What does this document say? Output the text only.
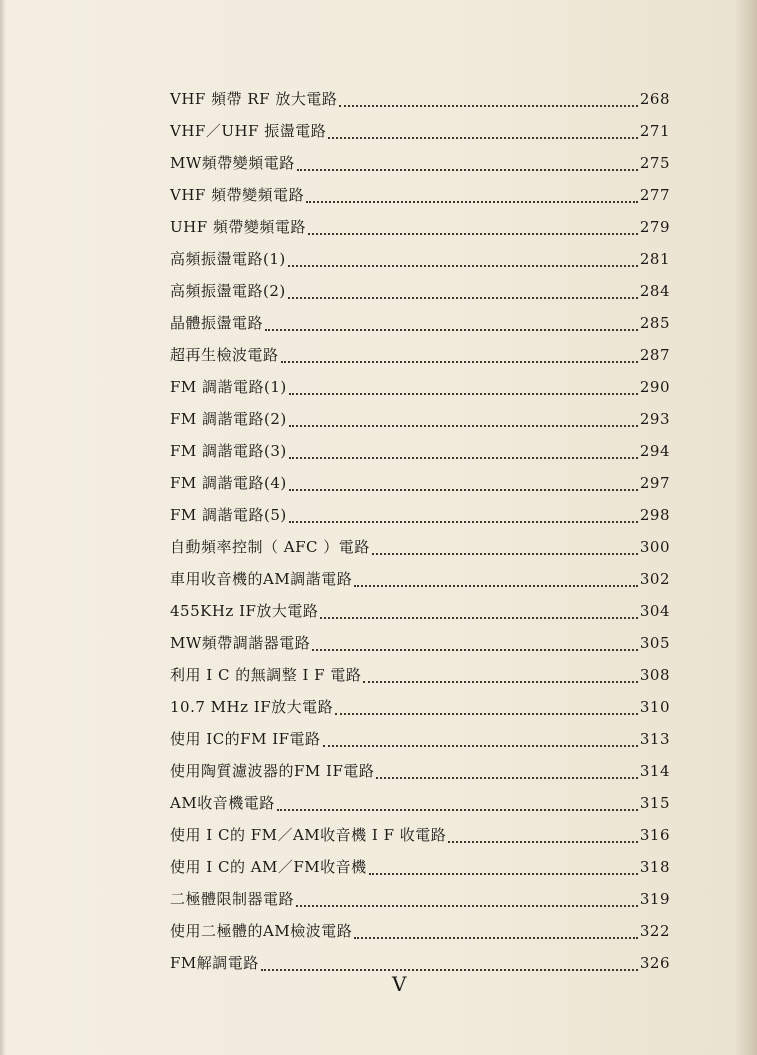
VHF 頻帶 RF 放大電路	268
VHF／UHF 振盪電路	271
MW頻帶變頻電路	275
VHF 頻帶變頻電路	277
UHF 頻帶變頻電路	279
高頻振盪電路(1)	281
高頻振盪電路(2)	284
晶體振盪電路	285
超再生檢波電路	287
FM 調諧電路(1)	290
FM 調諧電路(2)	293
FM 調諧電路(3)	294
FM 調諧電路(4)	297
FM 調諧電路(5)	298
自動頻率控制（ AFC ）電路	300
車用收音機的AM調諧電路	302
455KHz IF放大電路	304
MW頻帶調諧器電路	305
利用 I C 的無調整 I F 電路	308
10.7 MHz IF放大電路	310
使用 IC的FM IF電路	313
使用陶質濾波器的FM IF電路	314
AM收音機電路	315
使用 I C的 FM／AM收音機 I F 收電路	316
使用 I C的 AM／FM收音機	318
二極體限制器電路	319
使用二極體的AM檢波電路	322
FM解調電路	326
V
